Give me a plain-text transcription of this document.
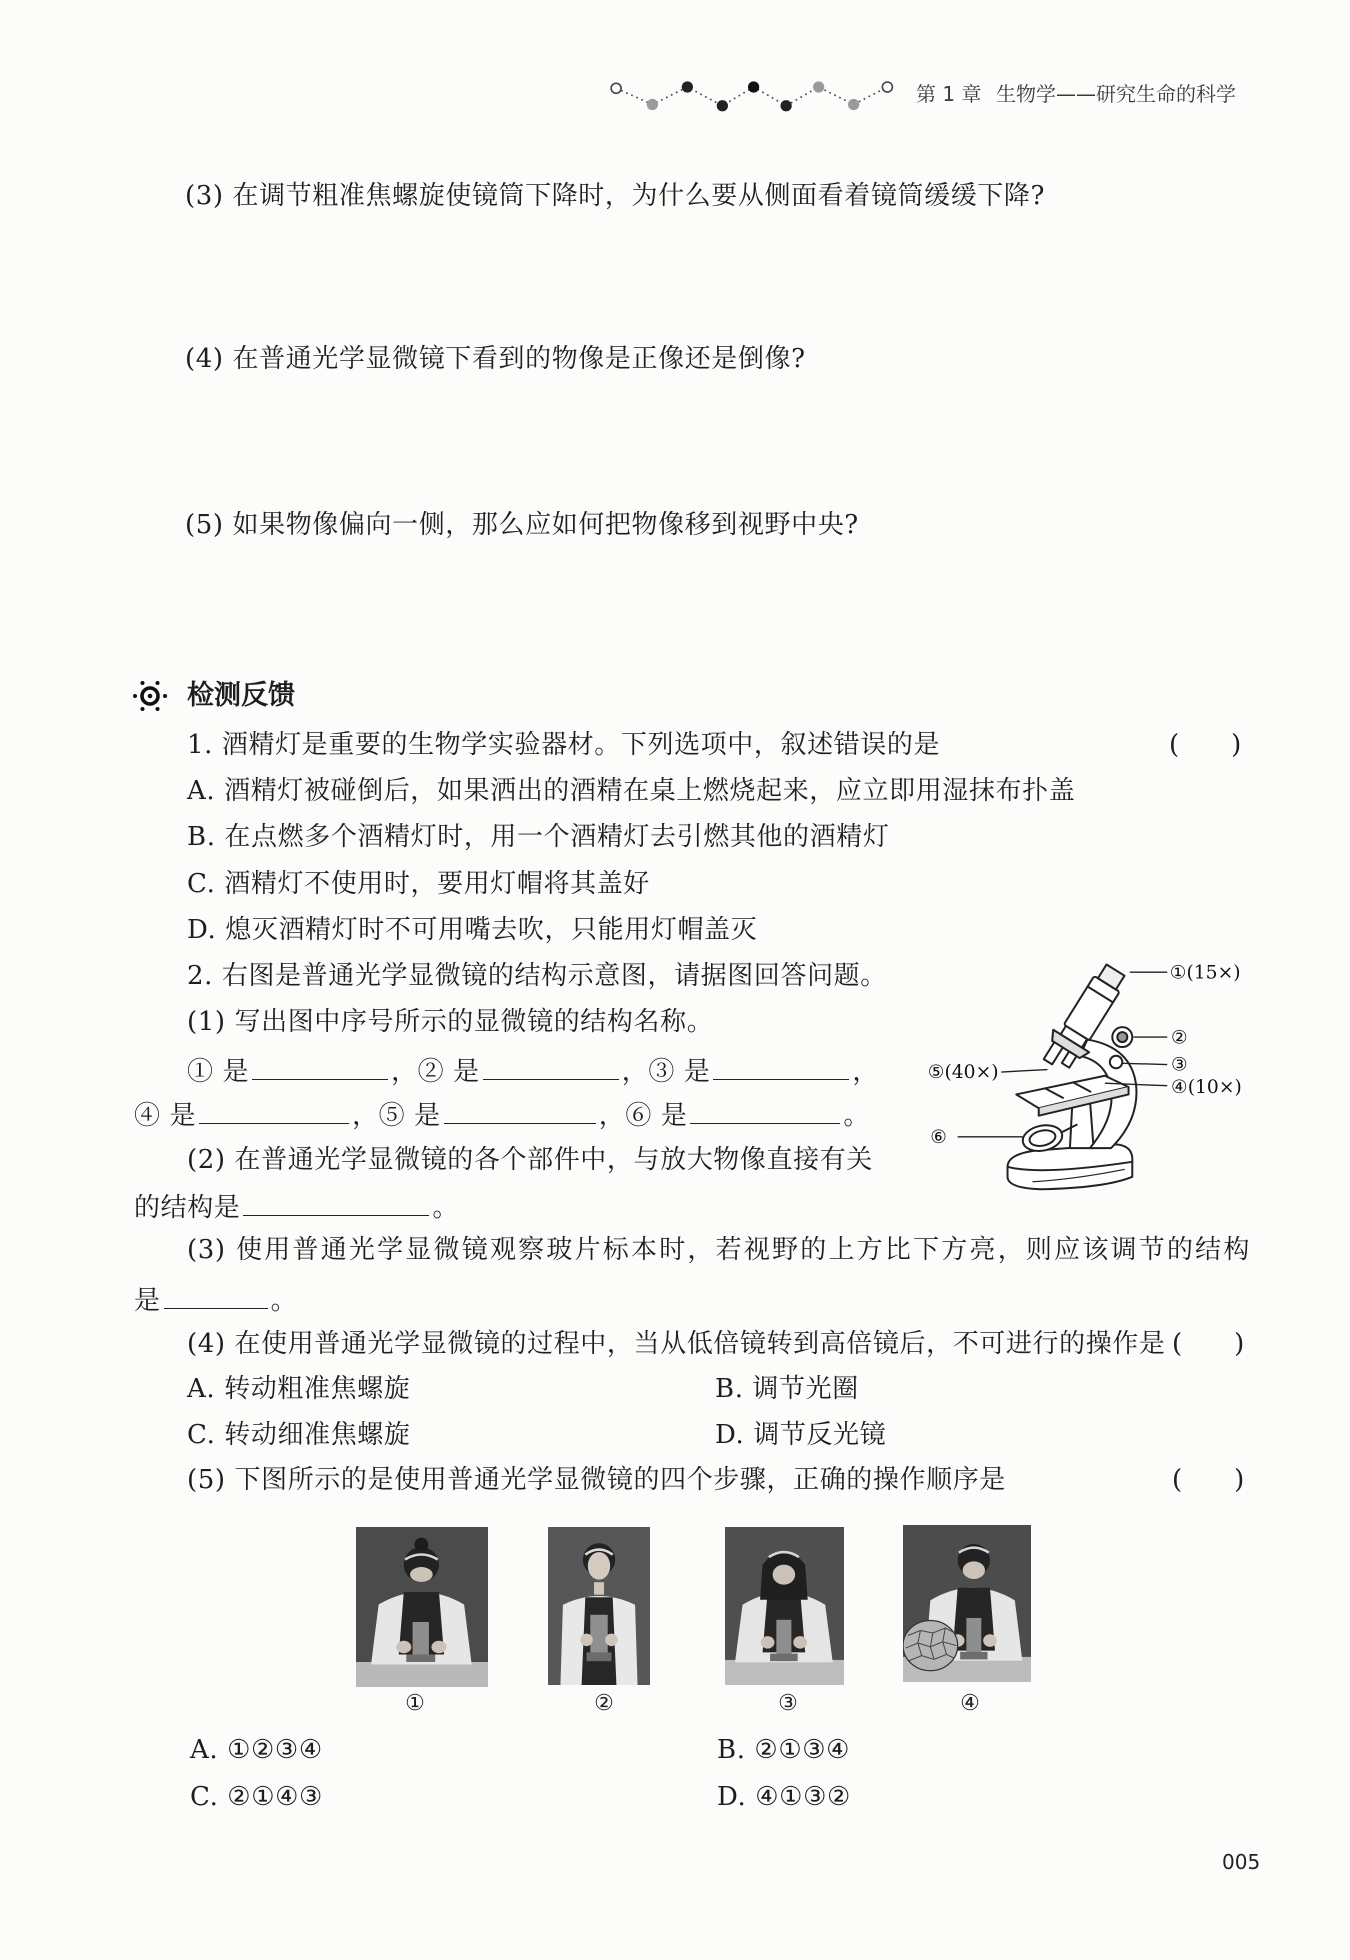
第 1 章 生物学——研究生命的科学
(3) 在调节粗准焦螺旋使镜筒下降时，为什么要从侧面看着镜筒缓缓下降?
(4) 在普通光学显微镜下看到的物像是正像还是倒像?
(5) 如果物像偏向一侧，那么应如何把物像移到视野中央?
检测反馈
1. 酒精灯是重要的生物学实验器材。下列选项中，叙述错误的是	(　　)
A. 酒精灯被碰倒后，如果洒出的酒精在桌上燃烧起来，应立即用湿抹布扑盖
B. 在点燃多个酒精灯时，用一个酒精灯去引燃其他的酒精灯
C. 酒精灯不使用时，要用灯帽将其盖好
D. 熄灭酒精灯时不可用嘴去吹，只能用灯帽盖灭
2. 右图是普通光学显微镜的结构示意图，请据图回答问题。
(1) 写出图中序号所示的显微镜的结构名称。
① 是	，② 是	，③ 是	，
④ 是	，⑤ 是	，⑥ 是	。
(2) 在普通光学显微镜的各个部件中，与放大物像直接有关
的结构是	。
(3) 使用普通光学显微镜观察玻片标本时，若视野的上方比下方亮，则应该调节的结构
是	。
(4) 在使用普通光学显微镜的过程中，当从低倍镜转到高倍镜后，不可进行的操作是 (　　)
A. 转动粗准焦螺旋	B. 调节光圈
C. 转动细准焦螺旋	D. 调节反光镜
(5) 下图所示的是使用普通光学显微镜的四个步骤，正确的操作顺序是	(　　)
①(15×)
②
③
④(10×)
⑤(40×)
⑥
①	②	③	④
A. ①②③④	B. ②①③④
C. ②①④③	D. ④①③②
005
